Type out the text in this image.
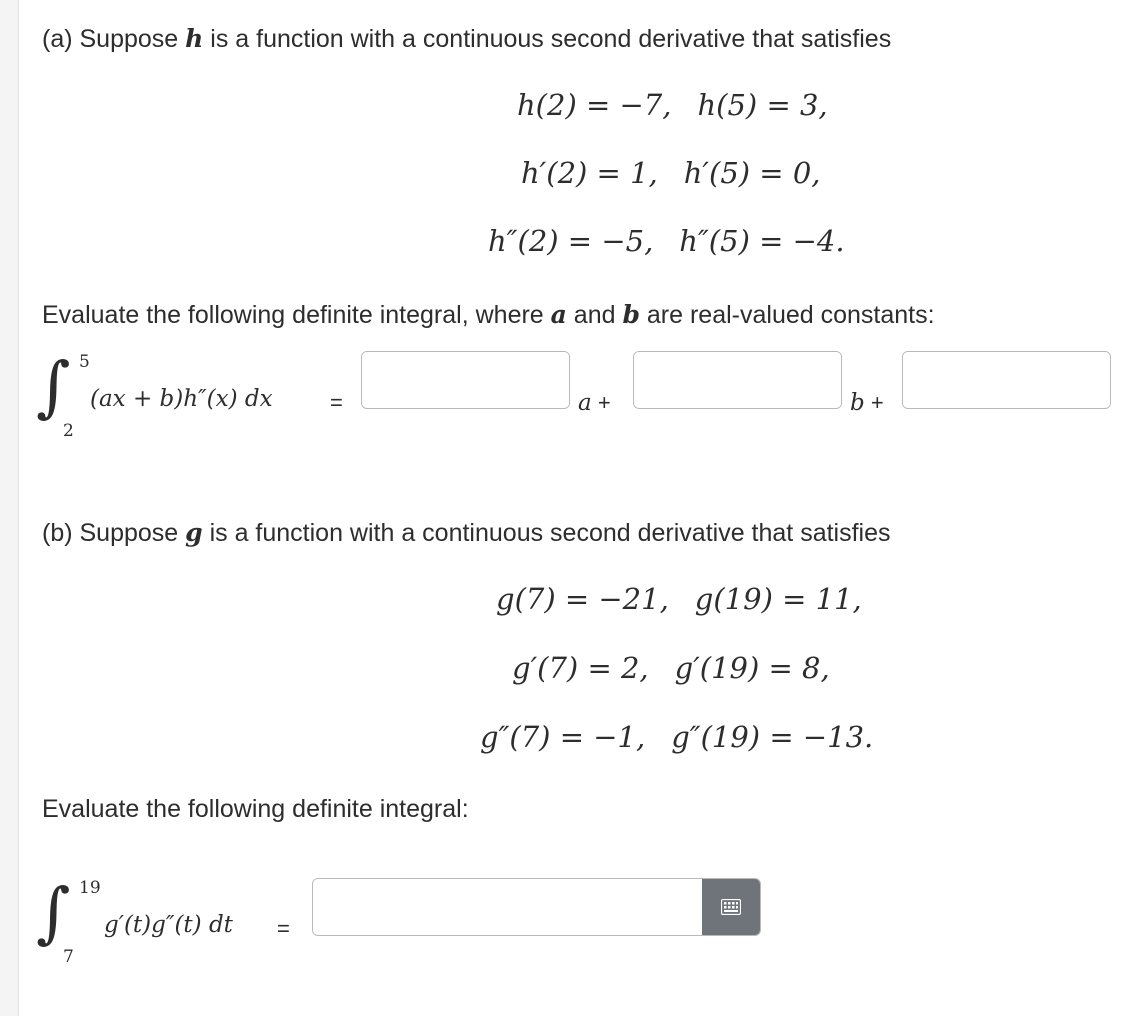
(a) Suppose h is a function with a continuous second derivative that satisfies
h(2) = −7, h(5) = 3,
h′(2) = 1, h′(5) = 0,
h″(2) = −5, h″(5) = −4.
Evaluate the following definite integral, where a and b are real-valued constants:
∫ 5
2
(ax + b)h″(x) dx	=	a +	b +
(b) Suppose g is a function with a continuous second derivative that satisfies
g(7) = −21, g(19) = 11,
g′(7) = 2, g′(19) = 8,
g″(7) = −1, g″(19) = −13.
Evaluate the following definite integral:
∫ 19
7
g′(t)g″(t) dt =
